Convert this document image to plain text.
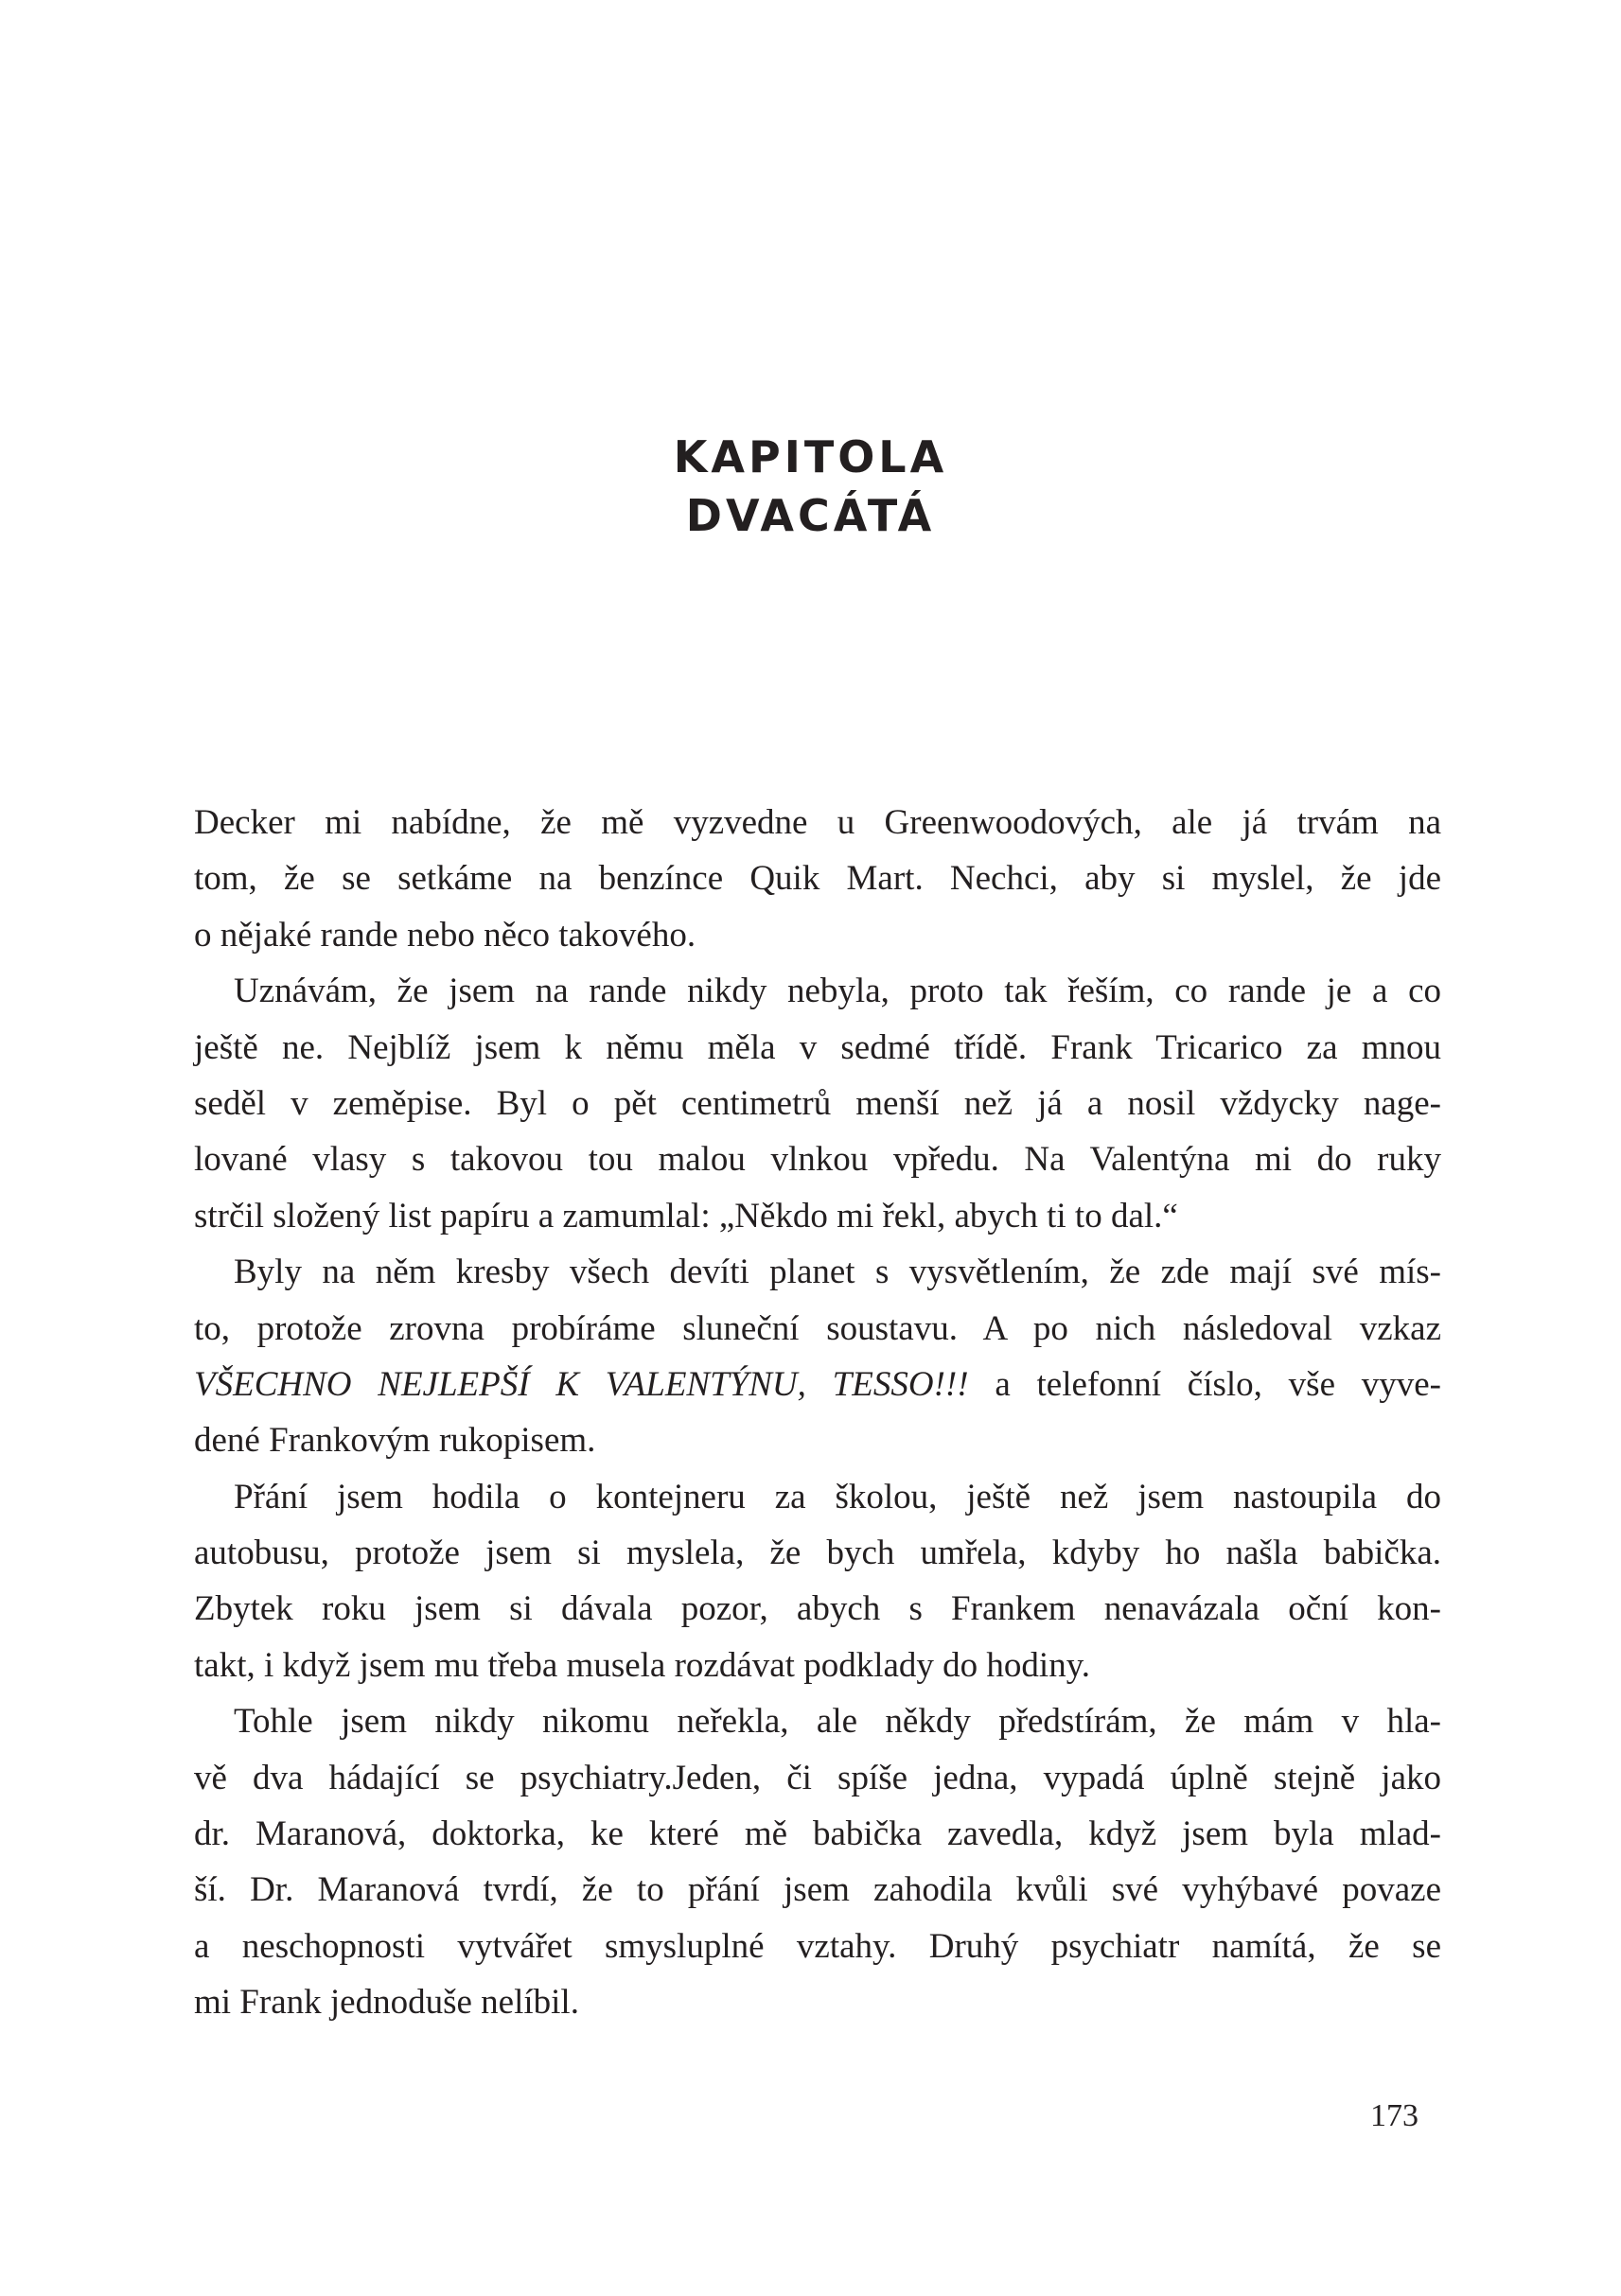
KAPITOLA
DVACÁTÁ
Decker mi nabídne, že mě vyzvedne u Greenwoodových, ale já trvám na
tom, že se setkáme na benzínce Quik Mart. Nechci, aby si myslel, že jde
o nějaké rande nebo něco takového.
Uznávám, že jsem na rande nikdy nebyla, proto tak řeším, co rande je a co
ještě ne. Nejblíž jsem k němu měla v sedmé třídě. Frank Tricarico za mnou
seděl v zeměpise. Byl o pět centimetrů menší než já a nosil vždycky nage-
lované vlasy s takovou tou malou vlnkou vpředu. Na Valentýna mi do ruky
strčil složený list papíru a zamumlal: „Někdo mi řekl, abych ti to dal.“
Byly na něm kresby všech devíti planet s vysvětlením, že zde mají své mís-
to, protože zrovna probíráme sluneční soustavu. A po nich následoval vzkaz
VŠECHNO NEJLEPŠÍ K VALENTÝNU, TESSO!!! a telefonní číslo, vše vyve-
dené Frankovým rukopisem.
Přání jsem hodila o kontejneru za školou, ještě než jsem nastoupila do
autobusu, protože jsem si myslela, že bych umřela, kdyby ho našla babička.
Zbytek roku jsem si dávala pozor, abych s Frankem nenavázala oční kon-
takt, i když jsem mu třeba musela rozdávat podklady do hodiny.
Tohle jsem nikdy nikomu neřekla, ale někdy předstírám, že mám v hla-
vě dva hádající se psychiatry.Jeden, či spíše jedna, vypadá úplně stejně jako
dr. Maranová, doktorka, ke které mě babička zavedla, když jsem byla mlad-
ší. Dr. Maranová tvrdí, že to přání jsem zahodila kvůli své vyhýbavé povaze
a neschopnosti vytvářet smysluplné vztahy. Druhý psychiatr namítá, že se
mi Frank jednoduše nelíbil.
173
